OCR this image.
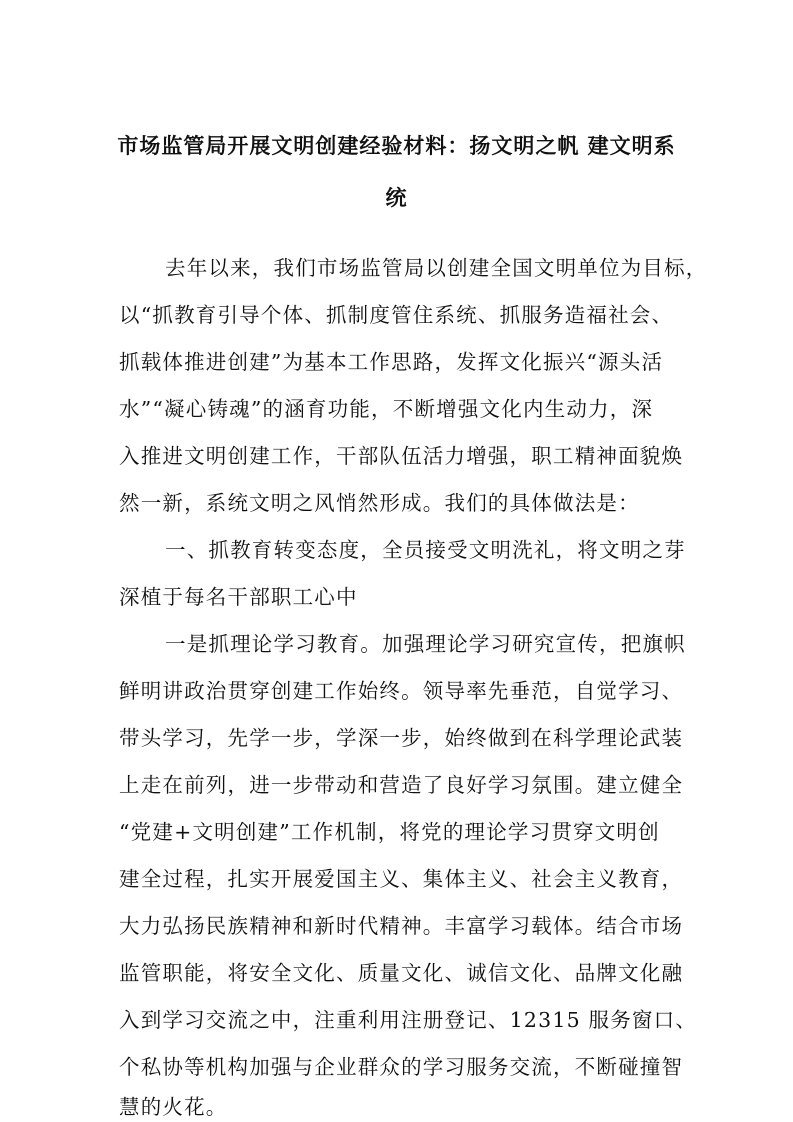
市场监管局开展文明创建经验材料：扬文明之帆 建文明系
统
去年以来，我们市场监管局以创建全国文明单位为目标，
以“抓教育引导个体、抓制度管住系统、抓服务造福社会、
抓载体推进创建”为基本工作思路，发挥文化振兴“源头活
水”“凝心铸魂”的涵育功能，不断增强文化内生动力，深
入推进文明创建工作，干部队伍活力增强，职工精神面貌焕
然一新，系统文明之风悄然形成。我们的具体做法是：
一、抓教育转变态度，全员接受文明洗礼，将文明之芽
深植于每名干部职工心中
一是抓理论学习教育。加强理论学习研究宣传，把旗帜
鲜明讲政治贯穿创建工作始终。领导率先垂范，自觉学习、
带头学习，先学一步，学深一步，始终做到在科学理论武装
上走在前列，进一步带动和营造了良好学习氛围。建立健全
“党建+文明创建”工作机制，将党的理论学习贯穿文明创
建全过程，扎实开展爱国主义、集体主义、社会主义教育，
大力弘扬民族精神和新时代精神。丰富学习载体。结合市场
监管职能，将安全文化、质量文化、诚信文化、品牌文化融
入到学习交流之中，注重利用注册登记、12315 服务窗口、
个私协等机构加强与企业群众的学习服务交流，不断碰撞智
慧的火花。
